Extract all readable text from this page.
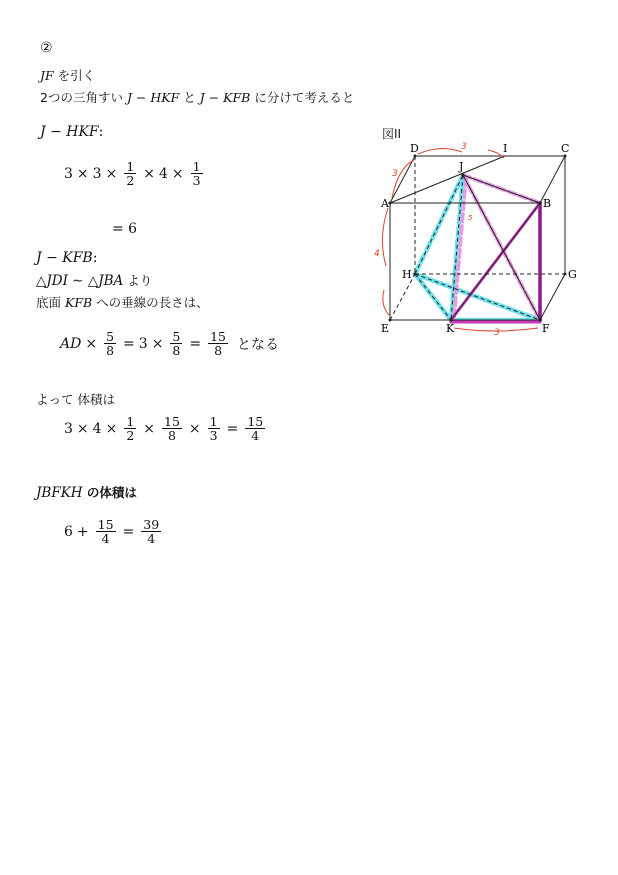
②
JF を引く
2つの三角すい J − HKF と J − KFB に分けて考えると
J − HKF:
$3 \times 3 \times \frac{1}{2} \times 4 \times \frac{1}{3}$
= 6
J − KFB:
△JDI ∼ △JBA より
底面 KFB への垂線の長さは、
AD × $\frac{5}{8} = 3 \times \frac{5}{8} = \frac{15}{8}$ となる
よって 体積は
$3 \times 4 \times \frac{1}{2} \times \frac{15}{8} \times \frac{1}{3} = \frac{15}{4}$
JBFKH の体積は
$6 + \frac{15}{4} = \frac{39}{4}$
図II
3
3
4
3
5
A	B
C
D
E	F
G
H
I
J
K
